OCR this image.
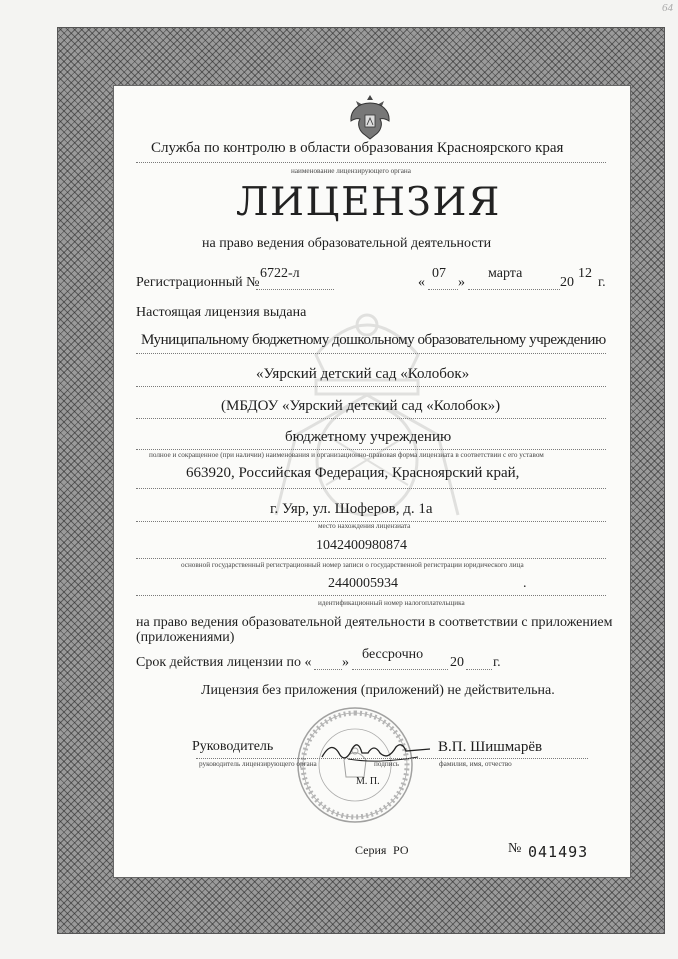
64
Служба по контролю в области образования Красноярского края
наименование лицензирующего органа
ЛИЦЕНЗИЯ
на право ведения образовательной деятельности
Регистрационный №
6722-л
«
07
»
марта
20
12
г.
Настоящая лицензия выдана
Муниципальному бюджетному дошкольному образовательному учреждению
«Уярский детский сад «Колобок»
(МБДОУ «Уярский детский сад «Колобок»)
бюджетному учреждению
полное и сокращенное (при наличии) наименования и организационно-правовая форма лицензиата в соответствии с его уставом
663920, Российская Федерация, Красноярский край,
г. Уяр, ул. Шоферов, д. 1а
место нахождения лицензиата
1042400980874
основной государственный регистрационный номер записи о государственной регистрации юридического лица
2440005934	.
идентификационный номер налогоплательщика
на право ведения образовательной деятельности в соответствии с приложением
(приложениями)
Срок действия лицензии по « »
бессрочно
20 г.
Лицензия без приложения (приложений) не действительна.
Руководитель	В.П. Шишмарёв
руководитель лицензирующего органа	подпись	фамилия, имя, отчество
М. П.
Серия РО	№ 041493
